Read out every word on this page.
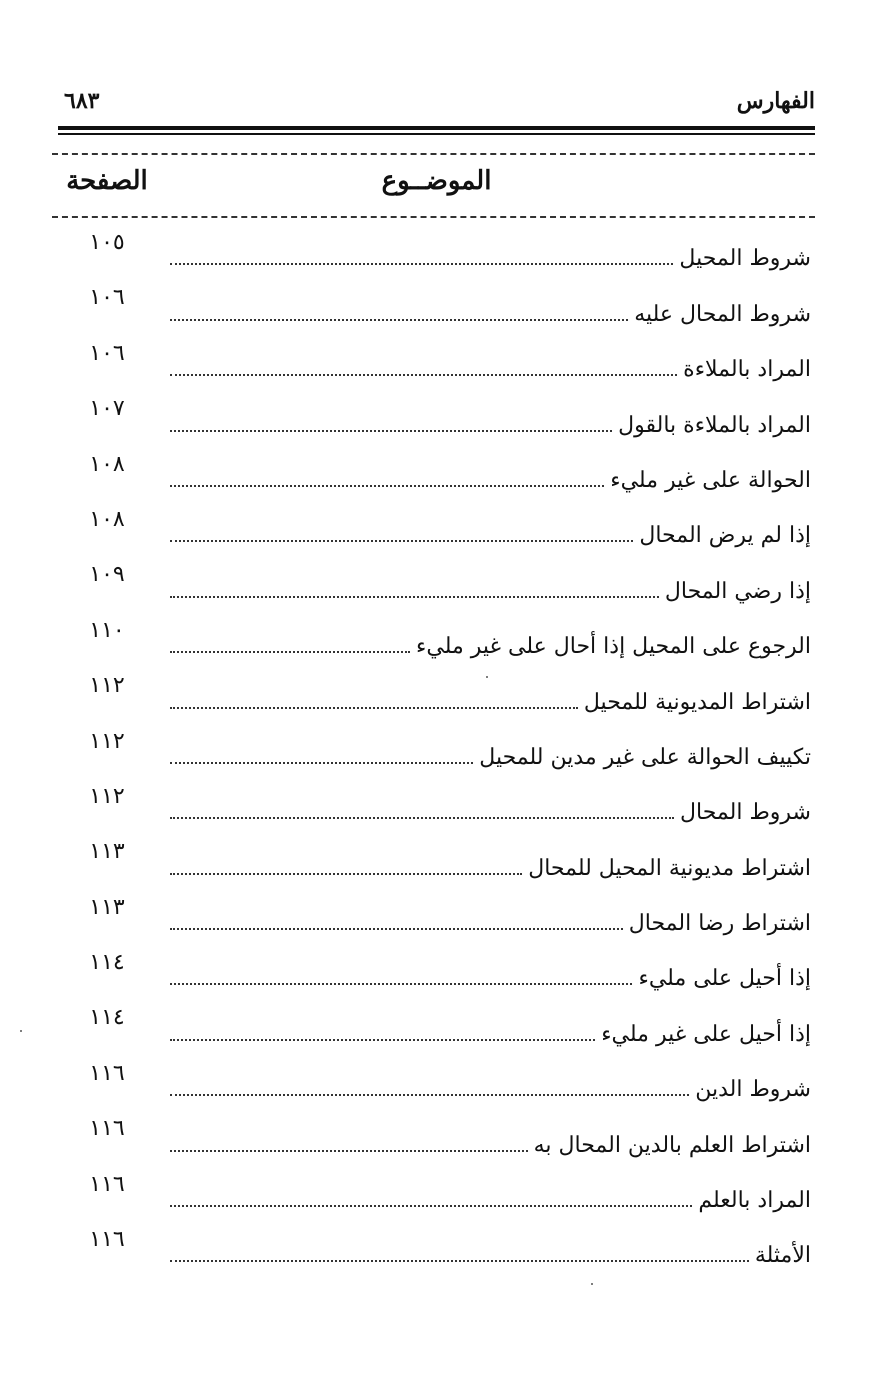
الفهارس
٦٨٣
الموضــوع
الصفحة
شروط المحيل
١٠٥
شروط المحال عليه
١٠٦
المراد بالملاءة
١٠٦
المراد بالملاءة بالقول
١٠٧
الحوالة على غير مليء
١٠٨
إذا لم يرض المحال
١٠٨
إذا رضي المحال
١٠٩
الرجوع على المحيل إذا أحال على غير مليء
١١٠
اشتراط المديونية للمحيل
١١٢
تكييف الحوالة على غير مدين للمحيل
١١٢
شروط المحال
١١٢
اشتراط مديونية المحيل للمحال
١١٣
اشتراط رضا المحال
١١٣
إذا أحيل على مليء
١١٤
إذا أحيل على غير مليء
١١٤
شروط الدين
١١٦
اشتراط العلم بالدين المحال به
١١٦
المراد بالعلم
١١٦
الأمثلة
١١٦
